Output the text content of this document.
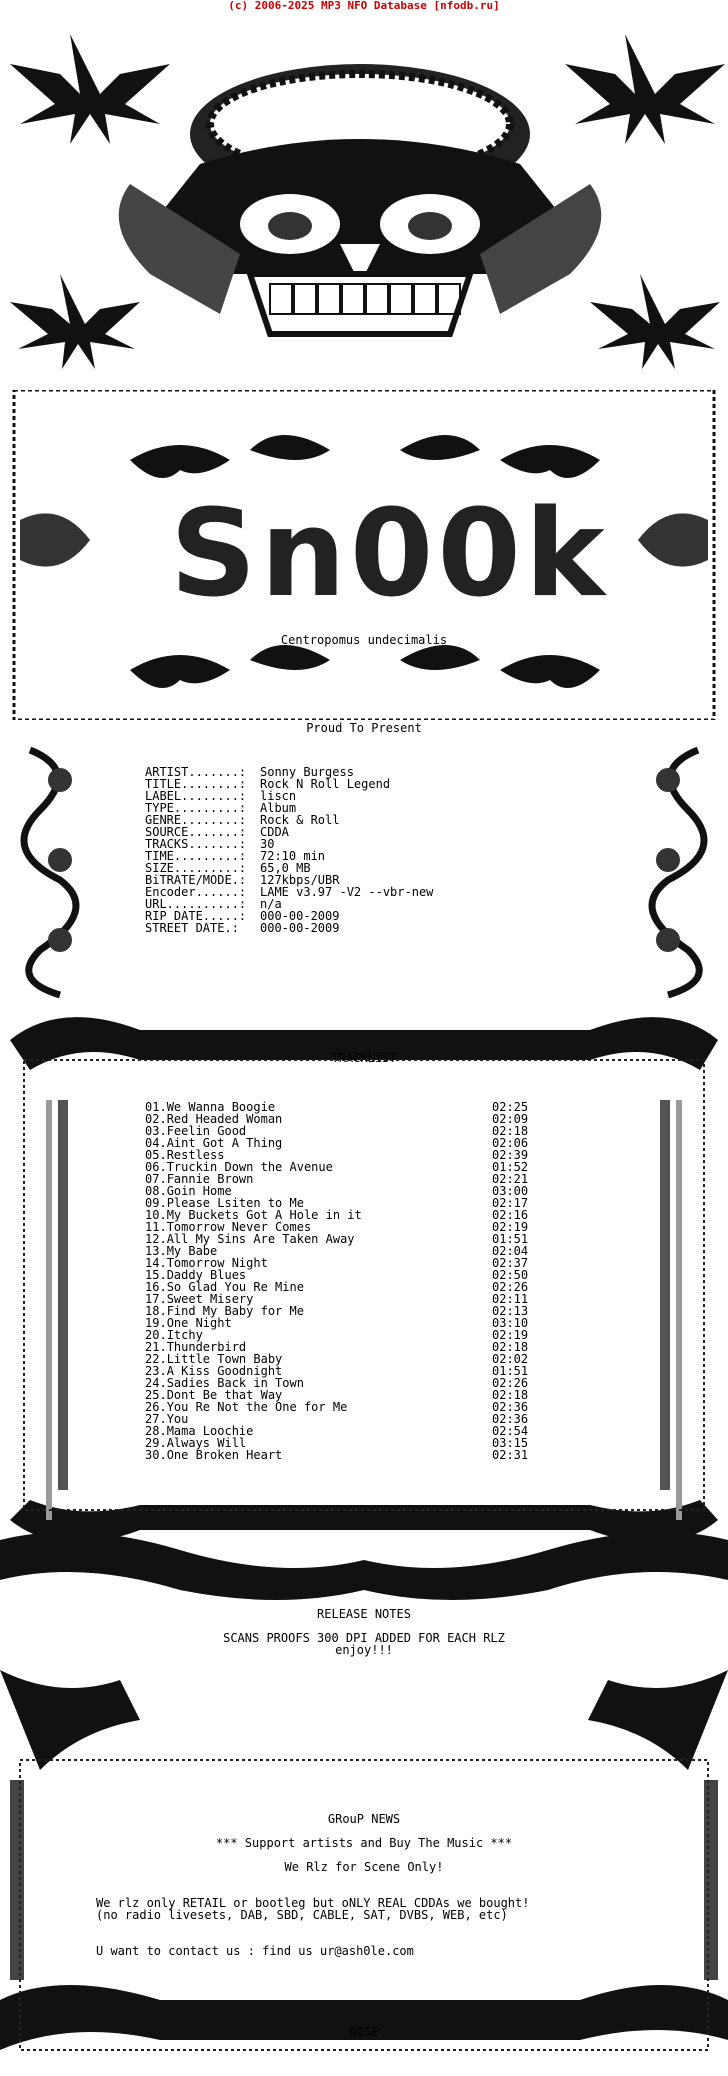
(c) 2006-2025 MP3 NFO Database [nfodb.ru]
Sn00k
Centropomus undecimalis
Proud To Present
ARTIST.......: Sonny Burgess
TITLE........: Rock N Roll Legend
LABEL........: liscn
TYPE.........: Album
GENRE........: Rock & Roll
SOURCE.......: CDDA
TRACKS.......: 30
TIME.........: 72:10 min
SIZE.........: 65,0 MB
BiTRATE/MODE.: 127kbps/UBR
Encoder......: LAME v3.97 -V2 --vbr-new
URL..........: n/a
RIP DATE.....: 000-00-2009
STREET DATE.: 000-00-2009
TRACKLiST
01.We Wanna Boogie	02:25
02.Red Headed Woman	02:09
03.Feelin Good	02:18
04.Aint Got A Thing	02:06
05.Restless	02:39
06.Truckin Down the Avenue	01:52
07.Fannie Brown	02:21
08.Goin Home	03:00
09.Please Lsiten to Me	02:17
10.My Buckets Got A Hole in it	02:16
11.Tomorrow Never Comes	02:19
12.All My Sins Are Taken Away	01:51
13.My Babe	02:04
14.Tomorrow Night	02:37
15.Daddy Blues	02:50
16.So Glad You Re Mine	02:26
17.Sweet Misery	02:11
18.Find My Baby for Me	02:13
19.One Night	03:10
20.Itchy	02:19
21.Thunderbird	02:18
22.Little Town Baby	02:02
23.A Kiss Goodnight	01:51
24.Sadies Back in Town	02:26
25.Dont Be that Way	02:18
26.You Re Not the One for Me	02:36
27.You	02:36
28.Mama Loochie	02:54
29.Always Will	03:15
30.One Broken Heart	02:31
RELEASE NOTES
SCANS PROOFS 300 DPI ADDED FOR EACH RLZ
enjoy!!!
GRouP NEWS
*** Support artists and Buy The Music ***
We Rlz for Scene Only!
We rlz only RETAIL or bootleg but oNLY REAL CDDAs we bought!
(no radio livesets, DAB, SBD, CABLE, SAT, DVBS, WEB, etc)
U want to contact us : find us ur@ash0le.com
DOSE
